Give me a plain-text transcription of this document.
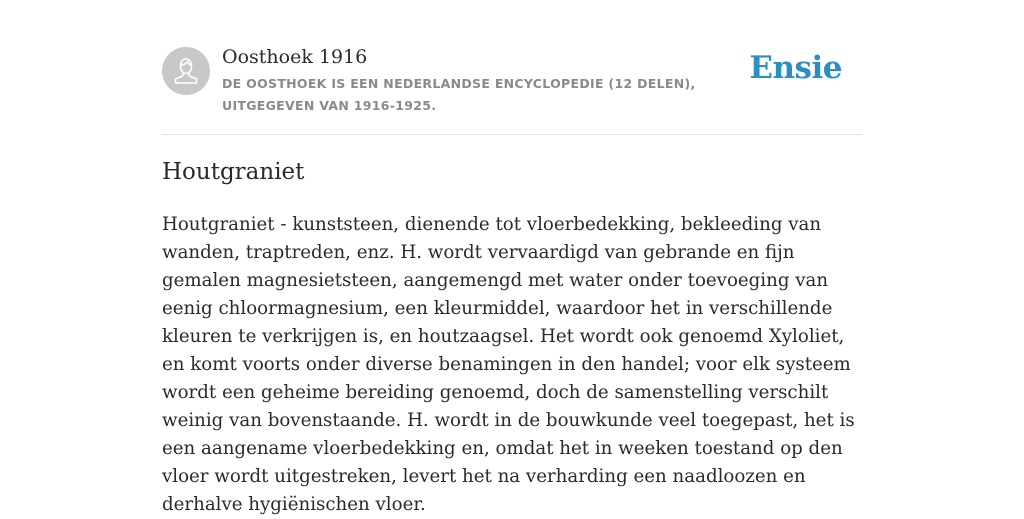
Oosthoek 1916
DE OOSTHOEK IS EEN NEDERLANDSE ENCYCLOPEDIE (12 DELEN), UITGEGEVEN VAN 1916-1925.
Ensie
Houtgraniet

Houtgraniet - kunststeen, dienende tot vloerbedekking, bekleeding van wanden, traptreden, enz. H. wordt vervaardigd van gebrande en fijn gemalen magnesietsteen, aangemengd met water onder toevoeging van eenig chloormagnesium, een kleurmiddel, waardoor het in verschillende kleuren te verkrijgen is, en houtzaagsel. Het wordt ook genoemd Xyloliet, en komt voorts onder diverse benamingen in den handel; voor elk systeem wordt een geheime bereiding genoemd, doch de samenstelling verschilt weinig van bovenstaande. H. wordt in de bouwkunde veel toegepast, het is een aangename vloerbedekking en, omdat het in weeken toestand op den vloer wordt uitgestreken, levert het na verharding een naadloozen en derhalve hygiënischen vloer.
